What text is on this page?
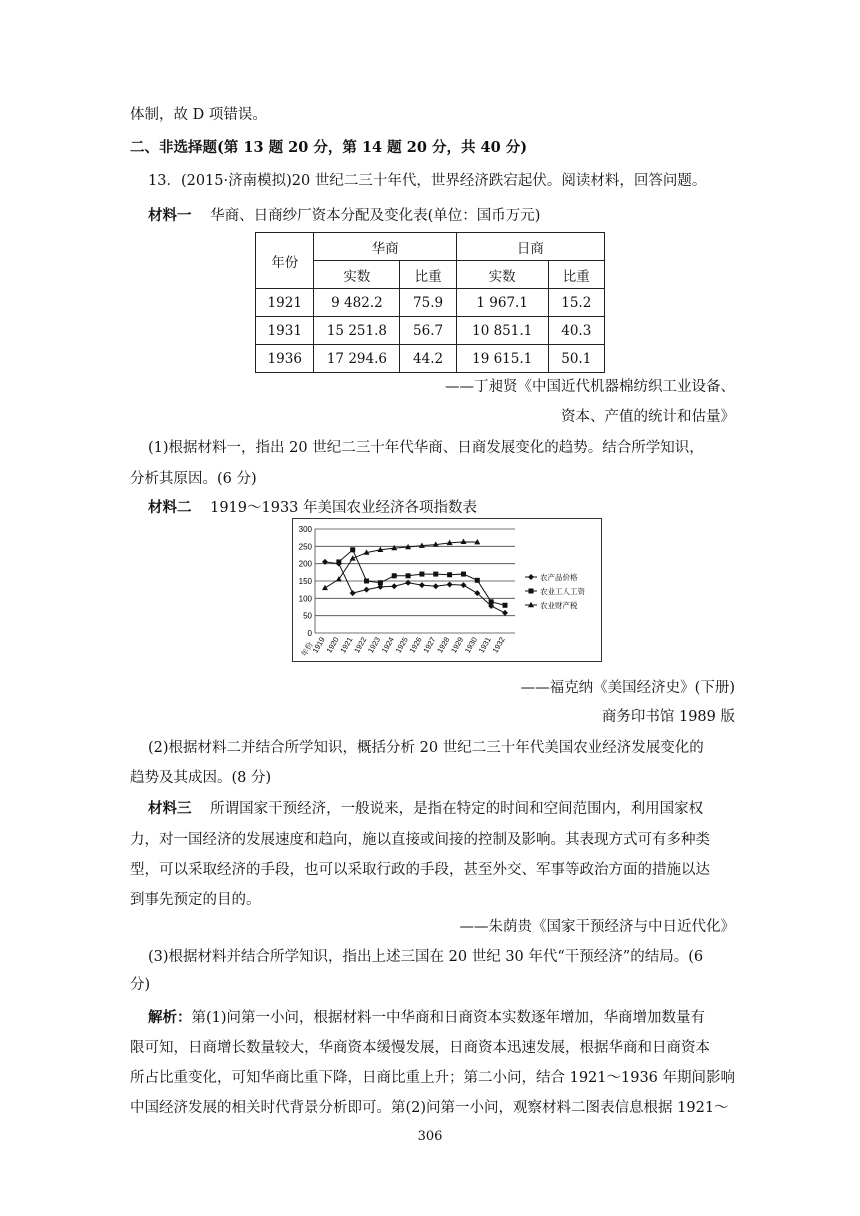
体制，故 D 项错误。
二、非选择题(第 13 题 20 分，第 14 题 20 分，共 40 分)
13．(2015·济南模拟)20 世纪二三十年代，世界经济跌宕起伏。阅读材料，回答问题。
材料一 华商、日商纱厂资本分配及变化表(单位：国币万元)
年份	华商		日商	
	实数	比重	实数	比重
1921	9 482.2	75.9	1 967.1	15.2
1931	15 251.8	56.7	10 851.1	40.3
1936	17 294.6	44.2	19 615.1	50.1
——丁昶贤《中国近代机器棉纺织工业设备、
资本、产值的统计和估量》
(1)根据材料一，指出 20 世纪二三十年代华商、日商发展变化的趋势。结合所学知识，
分析其原因。(6 分)
材料二 1919～1933 年美国农业经济各项指数表
0
50
100
150
200
250
300
年份
1919
1920
1921
1922
1923
1924
1925
1926
1927
1928
1929
1930
1931
1932
农产品价格
农业工人工资
农业财产税
——福克纳《美国经济史》(下册)
商务印书馆 1989 版
(2)根据材料二并结合所学知识，概括分析 20 世纪二三十年代美国农业经济发展变化的
趋势及其成因。(8 分)
材料三 所谓国家干预经济，一般说来，是指在特定的时间和空间范围内，利用国家权
力，对一国经济的发展速度和趋向，施以直接或间接的控制及影响。其表现方式可有多种类
型，可以采取经济的手段，也可以采取行政的手段，甚至外交、军事等政治方面的措施以达
到事先预定的目的。
——朱荫贵《国家干预经济与中日近代化》
(3)根据材料并结合所学知识，指出上述三国在 20 世纪 30 年代“干预经济”的结局。(6
分)
解析：第(1)问第一小问，根据材料一中华商和日商资本实数逐年增加，华商增加数量有
限可知，日商增长数量较大，华商资本缓慢发展，日商资本迅速发展，根据华商和日商资本
所占比重变化，可知华商比重下降，日商比重上升；第二小问，结合 1921～1936 年期间影响
中国经济发展的相关时代背景分析即可。第(2)问第一小问，观察材料二图表信息根据 1921～
306
